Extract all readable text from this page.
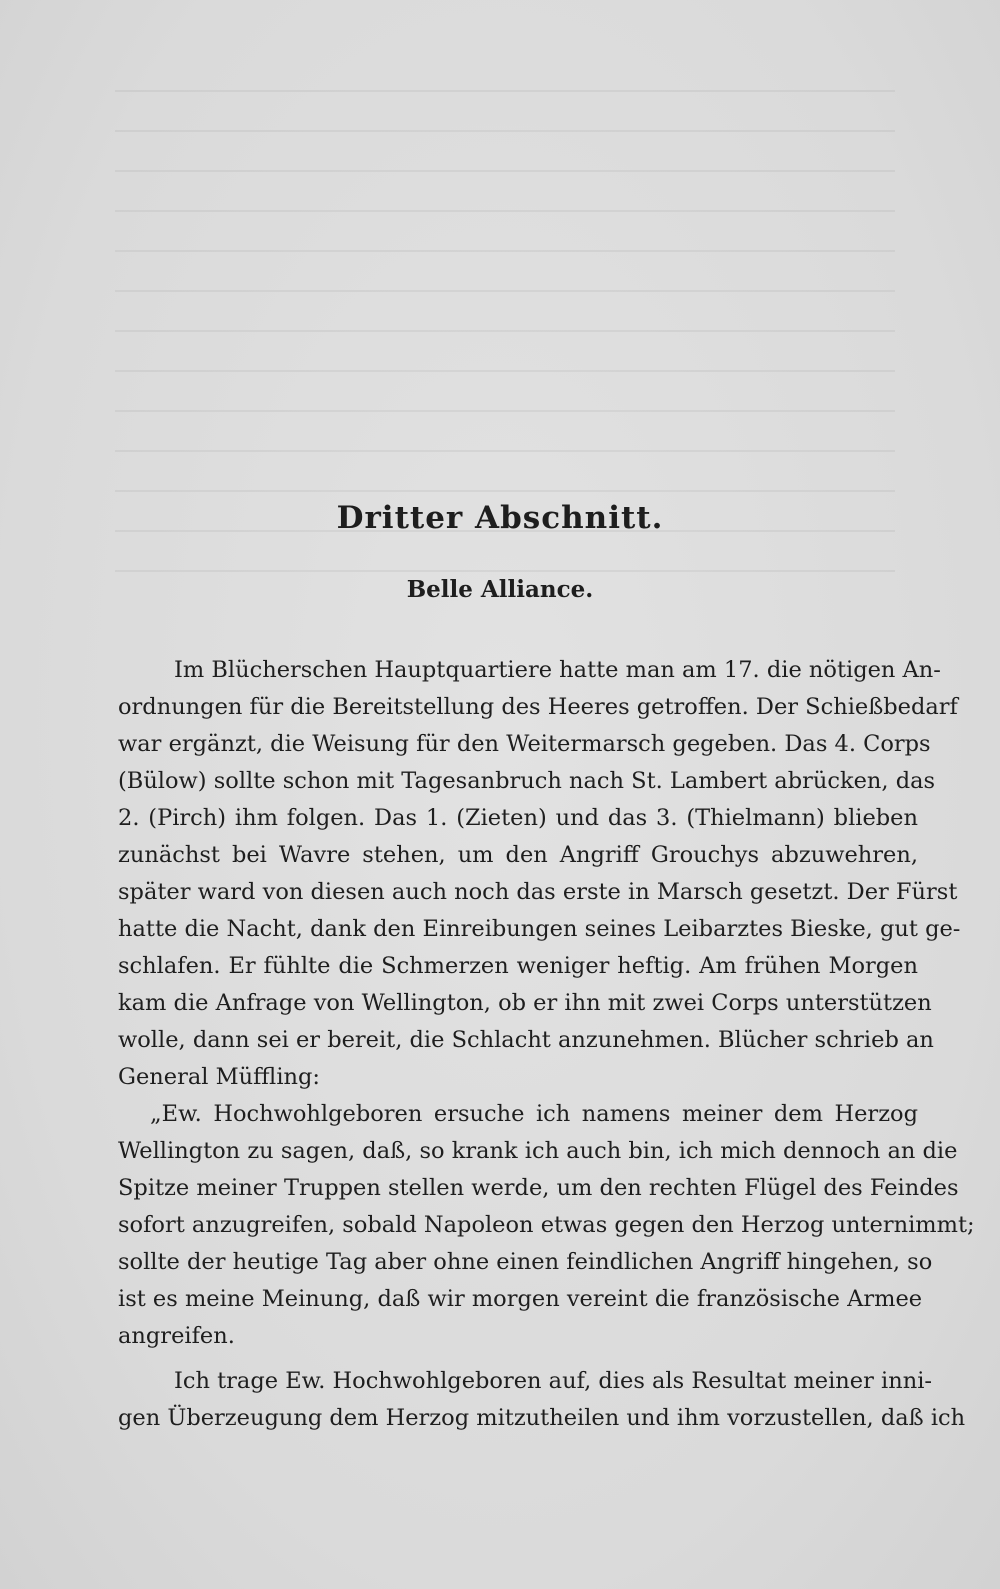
Dritter Abschnitt.
Belle Alliance.
Im Blücherschen Hauptquartiere hatte man am 17. die nötigen An-
ordnungen für die Bereitstellung des Heeres getroffen. Der Schießbedarf
war ergänzt, die Weisung für den Weitermarsch gegeben. Das 4. Corps
(Bülow) sollte schon mit Tagesanbruch nach St. Lambert abrücken, das
2. (Pirch) ihm folgen. Das 1. (Zieten) und das 3. (Thielmann) blieben
zunächst bei Wavre stehen, um den Angriff Grouchys abzuwehren,
später ward von diesen auch noch das erste in Marsch gesetzt. Der Fürst
hatte die Nacht, dank den Einreibungen seines Leibarztes Bieske, gut ge-
schlafen. Er fühlte die Schmerzen weniger heftig. Am frühen Morgen
kam die Anfrage von Wellington, ob er ihn mit zwei Corps unterstützen
wolle, dann sei er bereit, die Schlacht anzunehmen. Blücher schrieb an
General Müffling:
„Ew. Hochwohlgeboren ersuche ich namens meiner dem Herzog
Wellington zu sagen, daß, so krank ich auch bin, ich mich dennoch an die
Spitze meiner Truppen stellen werde, um den rechten Flügel des Feindes
sofort anzugreifen, sobald Napoleon etwas gegen den Herzog unternimmt;
sollte der heutige Tag aber ohne einen feindlichen Angriff hingehen, so
ist es meine Meinung, daß wir morgen vereint die französische Armee
angreifen.
Ich trage Ew. Hochwohlgeboren auf, dies als Resultat meiner inni-
gen Überzeugung dem Herzog mitzutheilen und ihm vorzustellen, daß ich
